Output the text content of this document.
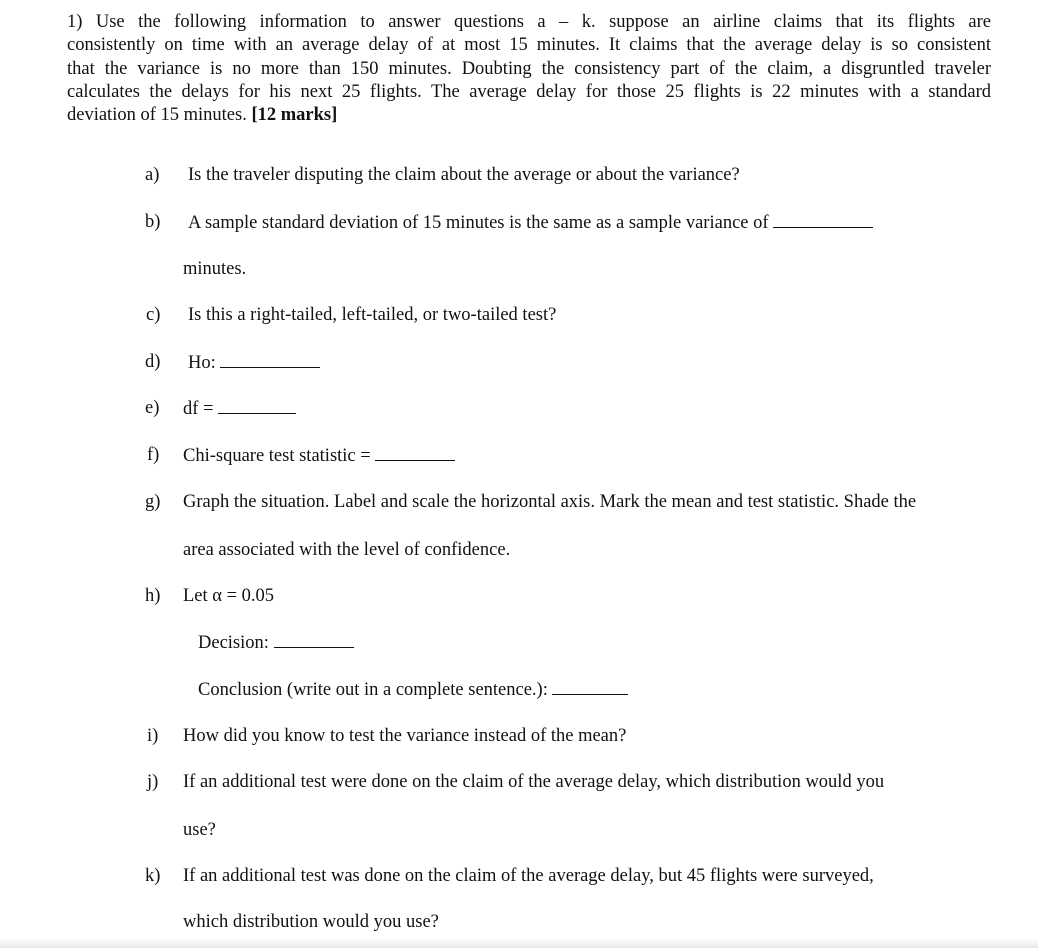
1) Use the following information to answer questions a – k. suppose an airline claims that its flights are
consistently on time with an average delay of at most 15 minutes. It claims that the average delay is so consistent
that the variance is no more than 150 minutes. Doubting the consistency part of the claim, a disgruntled traveler
calculates the delays for his next 25 flights. The average delay for those 25 flights is 22 minutes with a standard
deviation of 15 minutes. [12 marks]
a) Is the traveler disputing the claim about the average or about the variance?
b) A sample standard deviation of 15 minutes is the same as a sample variance of
minutes.
c) Is this a right-tailed, left-tailed, or two-tailed test?
d) Ho:
e) df =
f) Chi-square test statistic =
g) Graph the situation. Label and scale the horizontal axis. Mark the mean and test statistic. Shade the
area associated with the level of confidence.
h) Let α = 0.05
Decision:
Conclusion (write out in a complete sentence.):
i) How did you know to test the variance instead of the mean?
j) If an additional test were done on the claim of the average delay, which distribution would you
use?
k) If an additional test was done on the claim of the average delay, but 45 flights were surveyed,
which distribution would you use?
